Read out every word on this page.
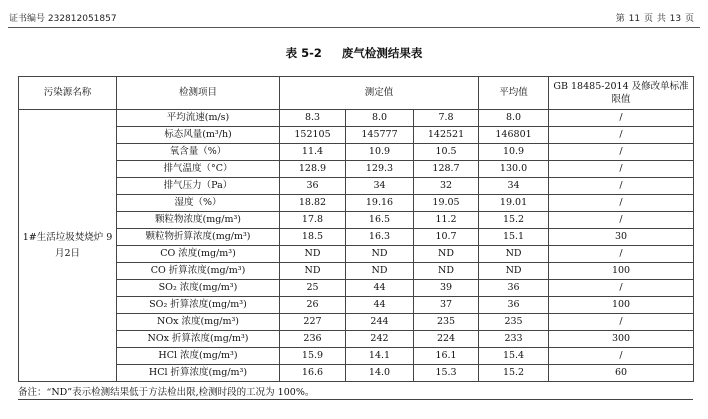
证书编号 232812051857	第 11 页 共 13 页
表 5-2 废气检测结果表
污染源名称	检测项目	测定值			平均值	GB 18485-2014 及修改单标准限值

1#生活垃圾焚烧炉 9月2日	平均流速(m/s)	8.3	8.0	7.8	8.0	/
	标态风量(m³/h)	152105	145777	142521	146801	/
	氧含量（%）	11.4	10.9	10.5	10.9	/
	排气温度（°C）	128.9	129.3	128.7	130.0	/
	排气压力（Pa）	36	34	32	34	/
	湿度（%）	18.82	19.16	19.05	19.01	/
	颗粒物浓度(mg/m³)	17.8	16.5	11.2	15.2	/
	颗粒物折算浓度(mg/m³)	18.5	16.3	10.7	15.1	30
	CO 浓度(mg/m³)	ND	ND	ND	ND	/
	CO 折算浓度(mg/m³)	ND	ND	ND	ND	100
	SO₂ 浓度(mg/m³)	25	44	39	36	/
	SO₂ 折算浓度(mg/m³)	26	44	37	36	100
	NOx 浓度(mg/m³)	227	244	235	235	/
	NOx 折算浓度(mg/m³)	236	242	224	233	300
	HCl 浓度(mg/m³)	15.9	14.1	16.1	15.4	/
	HCl 折算浓度(mg/m³)	16.6	14.0	15.3	15.2	60
备注：“ND”表示检测结果低于方法检出限,检测时段的工况为 100%。
